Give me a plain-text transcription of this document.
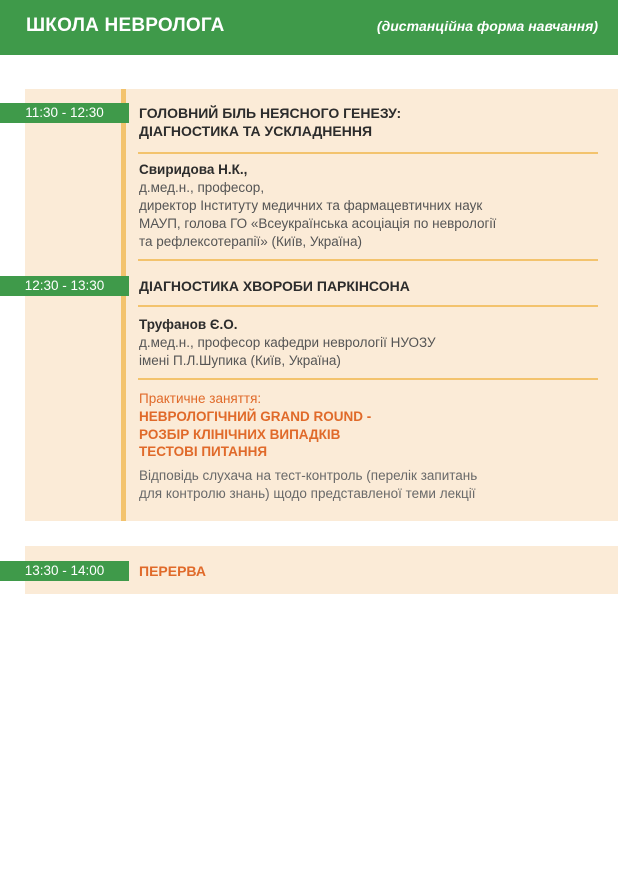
ШКОЛА НЕВРОЛОГА	(дистанційна форма навчання)
11:30 - 12:30	ГОЛОВНИЙ БІЛЬ НЕЯСНОГО ГЕНЕЗУ:
ДІАГНОСТИКА ТА УСКЛАДНЕННЯ
Свиридова Н.К.,
д.мед.н., професор,
директор Інституту медичних та фармацевтичних наук
МАУП, голова ГО «Всеукраїнська асоціація по неврології
та рефлексотерапії» (Київ, Україна)
12:30 - 13:30	ДІАГНОСТИКА ХВОРОБИ ПАРКІНСОНА
Труфанов Є.О.
д.мед.н., професор кафедри неврології НУОЗУ
імені П.Л.Шупика (Київ, Україна)
Практичне заняття:
НЕВРОЛОГІЧНИЙ GRAND ROUND -
РОЗБІР КЛІНІЧНИХ ВИПАДКІВ
ТЕСТОВІ ПИТАННЯ
Відповідь слухача на тест-контроль (перелік запитань
для контролю знань) щодо представленої теми лекції
13:30 - 14:00	ПЕРЕРВА
